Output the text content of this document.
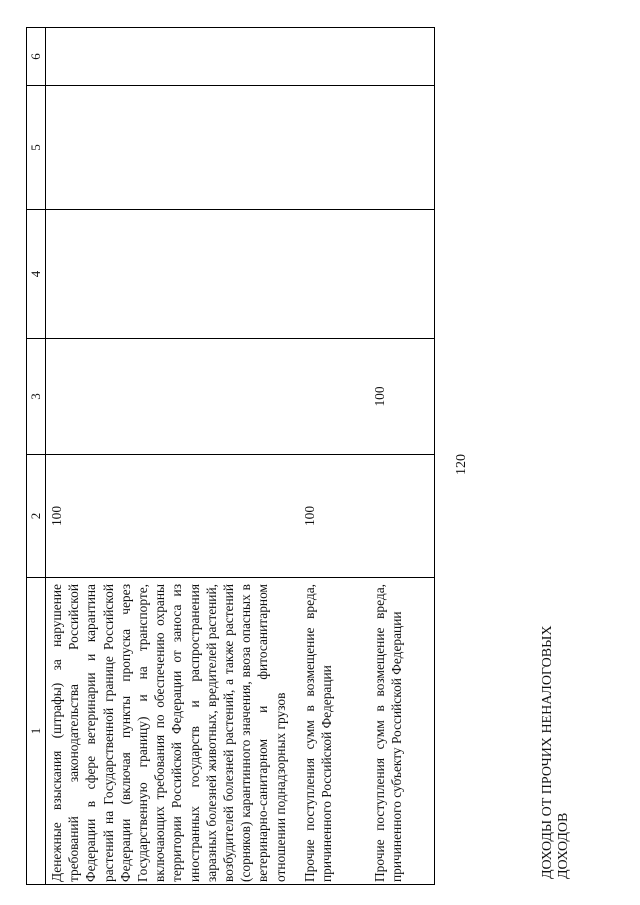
120
1	2	3	4	5	6

Денежные взыскания (штрафы) за нарушение требований законодательства Российской Федерации в сфере ветеринарии и карантина растений на Государственной границе Российской Федерации (включая пункты пропуска через Государственную границу) и на транспорте, включающих требования по обеспечению охраны территории Российской Федерации от заноса из иностранных государств и распространения заразных болезней животных, вредителей растений, возбудителей болезней растений, а также растений (сорняков) карантинного значения, ввоза опасных в ветеринарно-санитарном и фитосанитарном отношении поднадзорных грузов	100				

Прочие поступления сумм в возмещение вреда, причиненного Российской Федерации	100				

Прочие поступления сумм в возмещение вреда, причиненного субъекту Российской Федерации		100			

ДОХОДЫ ОТ ПРОЧИХ НЕНАЛОГОВЫХ ДОХОДОВ
